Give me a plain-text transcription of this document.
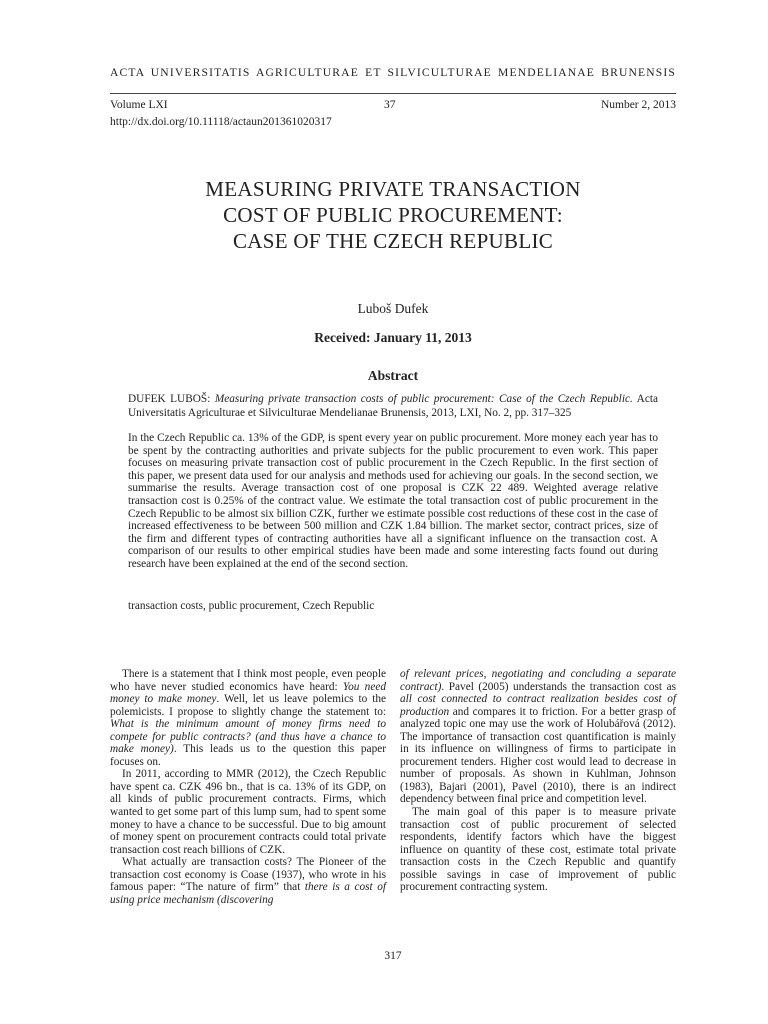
ACTA UNIVERSITATIS AGRICULTURAE ET SILVICULTURAE MENDELIANAE BRUNENSIS
Volume LXI	37	Number 2, 2013
http://dx.doi.org/10.11118/actaun201361020317
MEASURING PRIVATE TRANSACTION
COST OF PUBLIC PROCUREMENT:
CASE OF THE CZECH REPUBLIC
Luboš Dufek
Received: January 11, 2013
Abstract
DUFEK LUBOŠ: Measuring private transaction costs of public procurement: Case of the Czech Republic. Acta Universitatis Agriculturae et Silviculturae Mendelianae Brunensis, 2013, LXI, No. 2, pp. 317–325
In the Czech Republic ca. 13% of the GDP, is spent every year on public procurement. More money each year has to be spent by the contracting authorities and private subjects for the public procurement to even work. This paper focuses on measuring private transaction cost of public procurement in the Czech Republic. In the first section of this paper, we present data used for our analysis and methods used for achieving our goals. In the second section, we summarise the results. Average transaction cost of one proposal is CZK 22 489. Weighted average relative transaction cost is 0.25% of the contract value. We estimate the total transaction cost of public procurement in the Czech Republic to be almost six billion CZK, further we estimate possible cost reductions of these cost in the case of increased effectiveness to be between 500 million and CZK 1.84 billion. The market sector, contract prices, size of the firm and different types of contracting authorities have all a significant influence on the transaction cost. A comparison of our results to other empirical studies have been made and some interesting facts found out during research have been explained at the end of the second section.
transaction costs, public procurement, Czech Republic

There is a statement that I think most people, even people who have never studied economics have heard: You need money to make money. Well, let us leave polemics to the polemicists. I propose to slightly change the statement to: What is the minimum amount of money firms need to compete for public contracts? (and thus have a chance to make money). This leads us to the question this paper focuses on.

In 2011, according to MMR (2012), the Czech Republic have spent ca. CZK 496 bn., that is ca. 13% of its GDP, on all kinds of public procurement contracts. Firms, which wanted to get some part of this lump sum, had to spent some money to have a chance to be successful. Due to big amount of money spent on procurement contracts could total private transaction cost reach billions of CZK.

What actually are transaction costs? The Pioneer of the transaction cost economy is Coase (1937), who wrote in his famous paper: “The nature of firm” that there is a cost of using price mechanism (discovering

of relevant prices, negotiating and concluding a separate contract). Pavel (2005) understands the transaction cost as all cost connected to contract realization besides cost of production and compares it to friction. For a better grasp of analyzed topic one may use the work of Holubářová (2012). The importance of transaction cost quantification is mainly in its influence on willingness of firms to participate in procurement tenders. Higher cost would lead to decrease in number of proposals. As shown in Kuhlman, Johnson (1983), Bajari (2001), Pavel (2010), there is an indirect dependency between final price and competition level.

The main goal of this paper is to measure private transaction cost of public procurement of selected respondents, identify factors which have the biggest influence on quantity of these cost, estimate total private transaction costs in the Czech Republic and quantify possible savings in case of improvement of public procurement contracting system.

317
